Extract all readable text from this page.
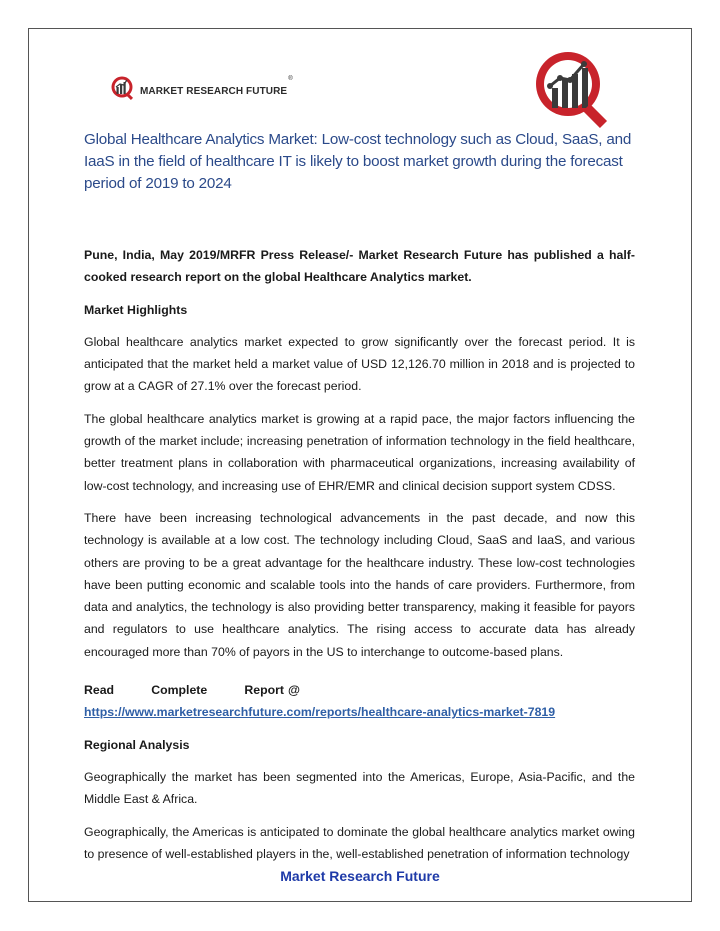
MARKET RESEARCH FUTURE
®
Global Healthcare Analytics Market: Low-cost technology such as Cloud, SaaS, and IaaS in the field of healthcare IT is likely to boost market growth during the forecast period of 2019 to 2024

Pune, India, May 2019/MRFR Press Release/- Market Research Future has published a half-cooked research report on the global Healthcare Analytics market.

Market Highlights

Global healthcare analytics market expected to grow significantly over the forecast period. It is anticipated that the market held a market value of USD 12,126.70 million in 2018 and is projected to grow at a CAGR of 27.1% over the forecast period.

The global healthcare analytics market is growing at a rapid pace, the major factors influencing the growth of the market include; increasing penetration of information technology in the field healthcare, better treatment plans in collaboration with pharmaceutical organizations, increasing availability of low-cost technology, and increasing use of EHR/EMR and clinical decision support system CDSS.

There have been increasing technological advancements in the past decade, and now this technology is available at a low cost. The technology including Cloud, SaaS and IaaS, and various others are proving to be a great advantage for the healthcare industry. These low-cost technologies have been putting economic and scalable tools into the hands of care providers. Furthermore, from data and analytics, the technology is also providing better transparency, making it feasible for payors and regulators to use healthcare analytics. The rising access to accurate data has already encouraged more than 70% of payors in the US to interchange to outcome-based plans.

Read	Complete	Report @ https://www.marketresearchfuture.com/reports/healthcare-analytics-market-7819

Regional Analysis

Geographically the market has been segmented into the Americas, Europe, Asia-Pacific, and the Middle East & Africa.

Geographically, the Americas is anticipated to dominate the global healthcare analytics market owing to presence of well-established players in the, well-established penetration of information technology

Market Research Future
